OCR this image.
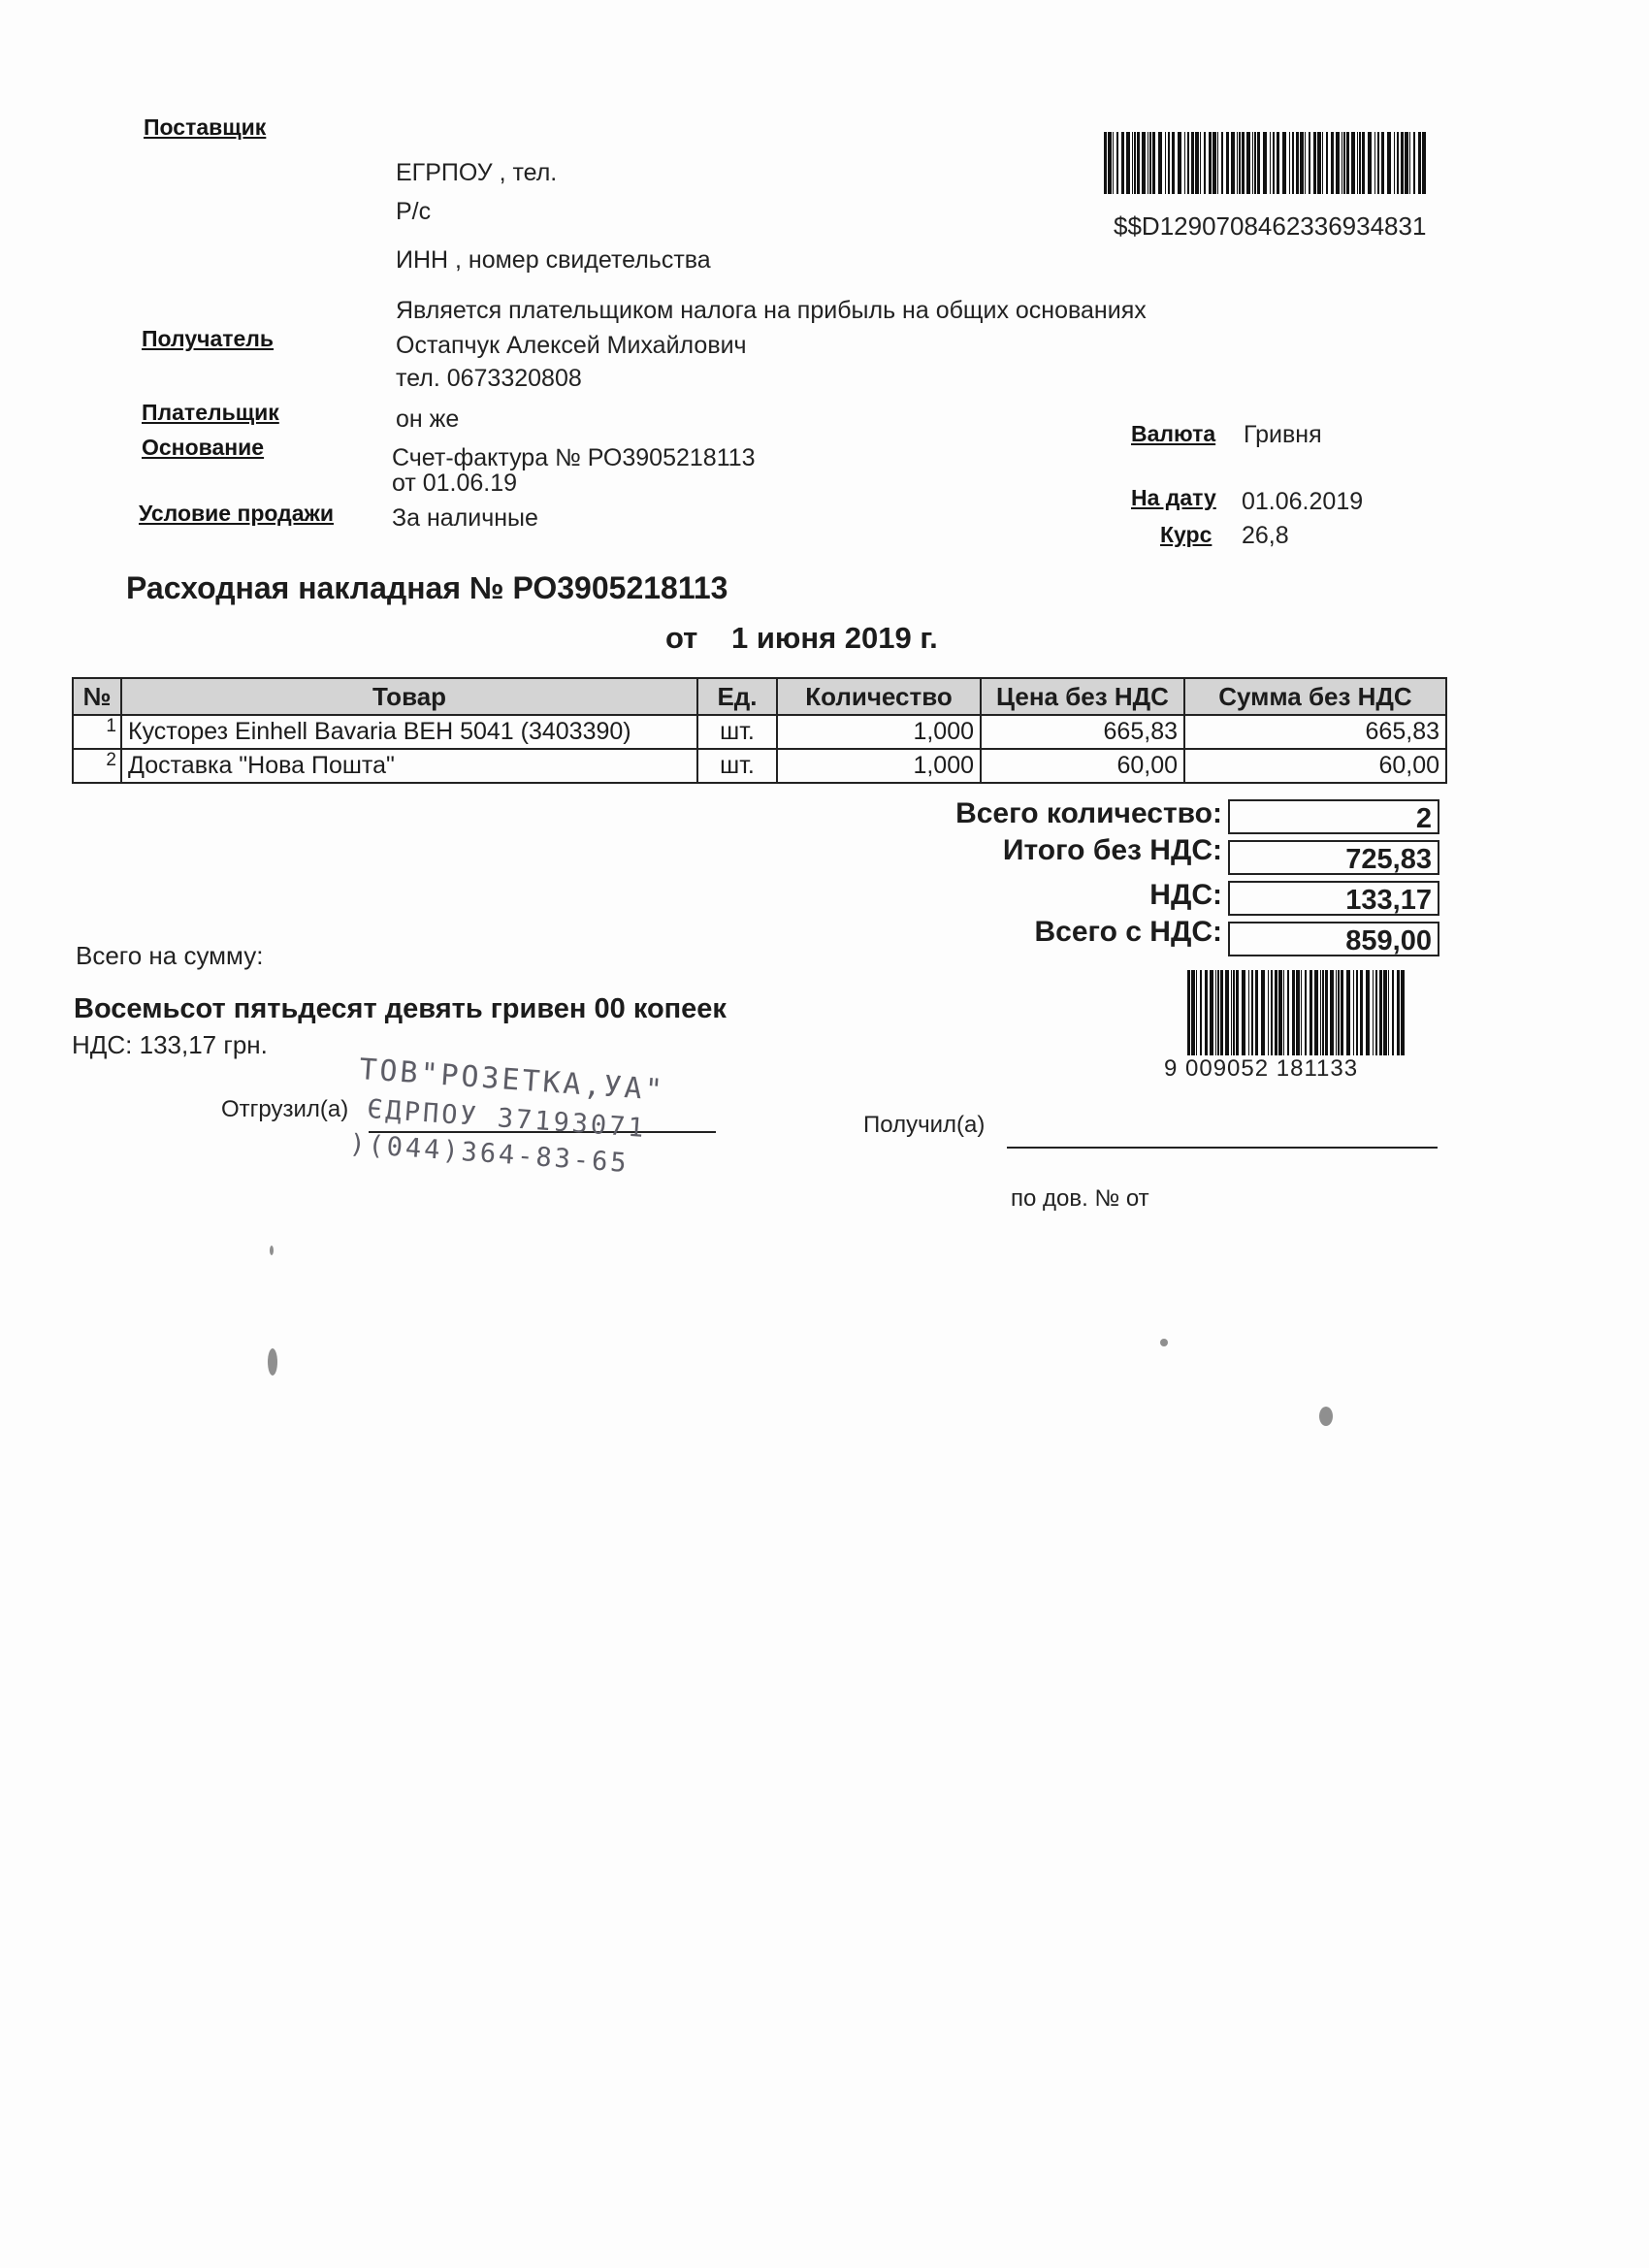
Поставщик
ЕГРПОУ , тел.
Р/с
ИНН , номер свидетельства
Является плательщиком налога на прибыль на общих основаниях
$$D1290708462336934831
Получатель	Остапчук Алексей Михайлович
тел. 0673320808
Плательщик	он же
Основание	Счет-фактура № РО3905218113
от 01.06.19
Условие продажи За наличные
Валюта Гривня
На дату 01.06.2019
Курс 26,8
Расходная накладная № РО3905218113
от 1 июня 2019 г.
№	Товар	Ед.	Количество	Цена без НДС	Сумма без НДС
1	Кусторез Einhell Bavaria BEH 5041 (3403390)	шт.	1,000	665,83	665,83
2	Доставка "Нова Пошта"	шт.	1,000	60,00	60,00
Всего количество:	2
Итого без НДС:	725,83
НДС:	133,17
Всего с НДС:	859,00
Всего на сумму:
Восемьсот пятьдесят девять гривен 00 копеек
НДС: 133,17 грн.
9 009052 181133
Отгрузил(а)
Получил(а)
по дов. № от
ТОВ"РОЗЕТКА,УА"
ЄДРПОУ 37193071
)(044)364-83-65
